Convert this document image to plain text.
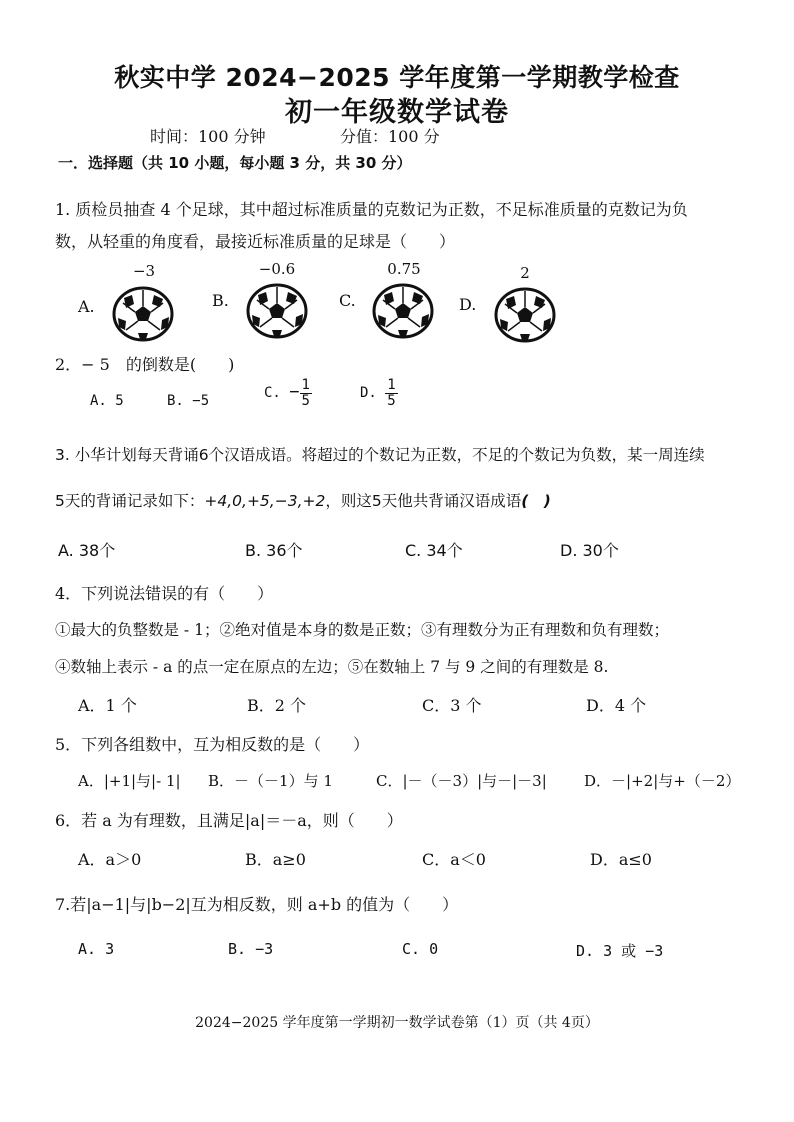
秋实中学 2024−2025 学年度第一学期教学检查
初一年级数学试卷
时间：100 分钟	分值：100 分
一．选择题（共 10 小题，每小题 3 分，共 30 分）
1. 质检员抽查 4 个足球，其中超过标准质量的克数记为正数，不足标准质量的克数记为负
数，从轻重的角度看，最接近标准质量的足球是（　　）
−3	−0.6	0.75	2
A.	B.	C.	D.
2．− 5　的倒数是(　　)
A. 5	B. −5	C. − $\frac{1}{5}$	D. $\frac{1}{5}$
3. 小华计划每天背诵6个汉语成语。将超过的个数记为正数，不足的个数记为负数，某一周连续
5天的背诵记录如下：+4,0,+5,−3,+2，则这5天他共背诵汉语成语(　)
A. 38个	B. 36个	C. 34个	D. 30个
4．下列说法错误的有（　　）
①最大的负整数是 - 1；②绝对值是本身的数是正数；③有理数分为正有理数和负有理数；
④数轴上表示 - a 的点一定在原点的左边；⑤在数轴上 7 与 9 之间的有理数是 8.
A．1 个	B．2 个	C．3 个	D．4 个
5．下列各组数中，互为相反数的是（　　）
A．|+1|与|- 1| B．－（－1）与 1	C．|－（－3）|与－|－3| D．－|+2|与+（－2）
6．若 a 为有理数，且满足|a|＝－a，则（　　）
A．a＞0	B．a≥0	C．a＜0	D．a≤0
7.若|a−1|与|b−2|互为相反数，则 a+b 的值为（　　）
A. 3	B. −3	C. 0	D. 3 或 −3
2024−2025 学年度第一学期初一数学试卷第（1）页（共 4页）
